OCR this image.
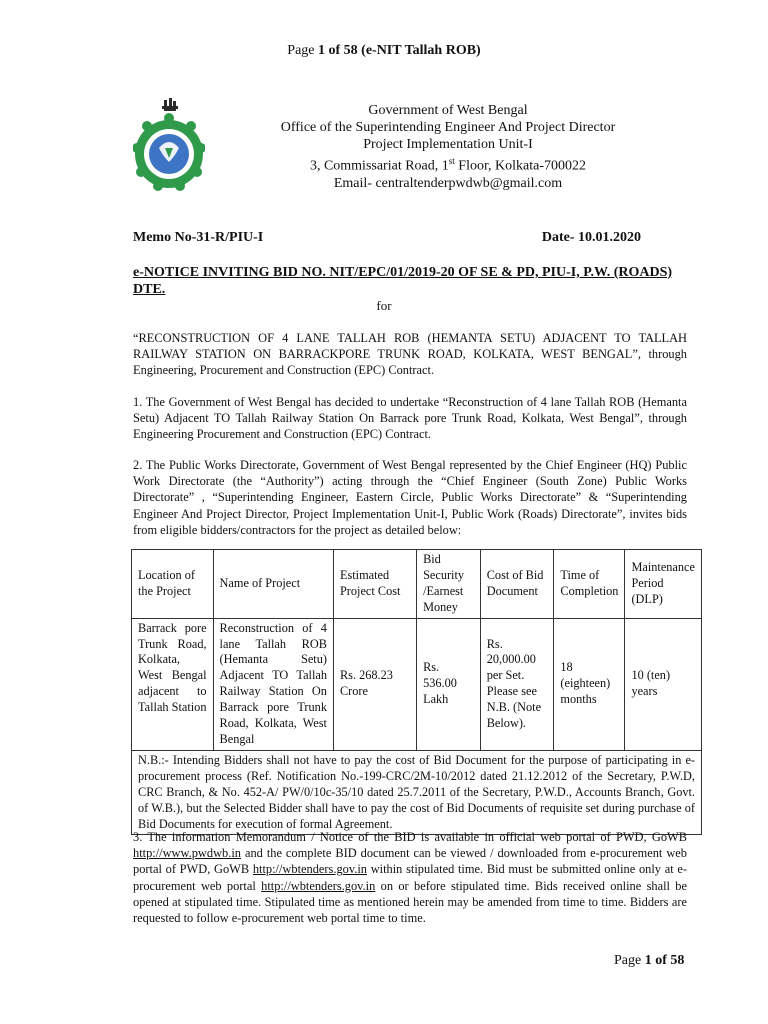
Page 1 of 58 (e-NIT Tallah ROB)
Government of West Bengal
Office of the Superintending Engineer And Project Director
Project Implementation Unit-I
3, Commissariat Road, 1st Floor, Kolkata-700022
Email- centraltenderpwdwb@gmail.com
Memo No-31-R/PIU-I	Date- 10.01.2020
e-NOTICE INVITING BID NO. NIT/EPC/01/2019-20 OF SE & PD, PIU-I, P.W. (ROADS) DTE.
for
“RECONSTRUCTION OF 4 LANE TALLAH ROB (HEMANTA SETU) ADJACENT TO TALLAH RAILWAY STATION ON BARRACKPORE TRUNK ROAD, KOLKATA, WEST BENGAL”, through Engineering, Procurement and Construction (EPC) Contract.
1. The Government of West Bengal has decided to undertake “Reconstruction of 4 lane Tallah ROB (Hemanta Setu) Adjacent TO Tallah Railway Station On Barrack pore Trunk Road, Kolkata, West Bengal”, through Engineering Procurement and Construction (EPC) Contract.
2. The Public Works Directorate, Government of West Bengal represented by the Chief Engineer (HQ) Public Work Directorate (the “Authority”) acting through the “Chief Engineer (South Zone) Public Works Directorate” , “Superintending Engineer, Eastern Circle, Public Works Directorate” & “Superintending Engineer And Project Director, Project Implementation Unit-I, Public Work (Roads) Directorate”, invites bids from eligible bidders/contractors for the project as detailed below:
Location of the Project	Name of Project	Estimated Project Cost	Bid Security /Earnest Money	Cost of Bid Document	Time of Completion	Maintenance Period (DLP)
Barrack pore Trunk Road, Kolkata, West Bengal adjacent to Tallah Station	Reconstruction of 4 lane Tallah ROB (Hemanta Setu) Adjacent TO Tallah Railway Station On Barrack pore Trunk Road, Kolkata, West Bengal	Rs. 268.23 Crore	Rs. 536.00 Lakh	Rs. 20,000.00 per Set. Please see N.B. (Note Below).	18 (eighteen) months	10 (ten) years
N.B.:- Intending Bidders shall not have to pay the cost of Bid Document for the purpose of participating in e-procurement process (Ref. Notification No.-199-CRC/2M-10/2012 dated 21.12.2012 of the Secretary, P.W.D, CRC Branch, & No. 452-A/ PW/0/10c-35/10 dated 25.7.2011 of the Secretary, P.W.D., Accounts Branch, Govt. of W.B.), but the Selected Bidder shall have to pay the cost of Bid Documents of requisite set during purchase of Bid Documents for execution of formal Agreement.						
3. The information Memorandum / Notice of the BID is available in official web portal of PWD, GoWB http://www.pwdwb.in and the complete BID document can be viewed / downloaded from e-procurement web portal of PWD, GoWB http://wbtenders.gov.in within stipulated time. Bid must be submitted online only at e-procurement web portal http://wbtenders.gov.in on or before stipulated time. Bids received online shall be opened at stipulated time. Stipulated time as mentioned herein may be amended from time to time. Bidders are requested to follow e-procurement web portal time to time.
Page 1 of 58
